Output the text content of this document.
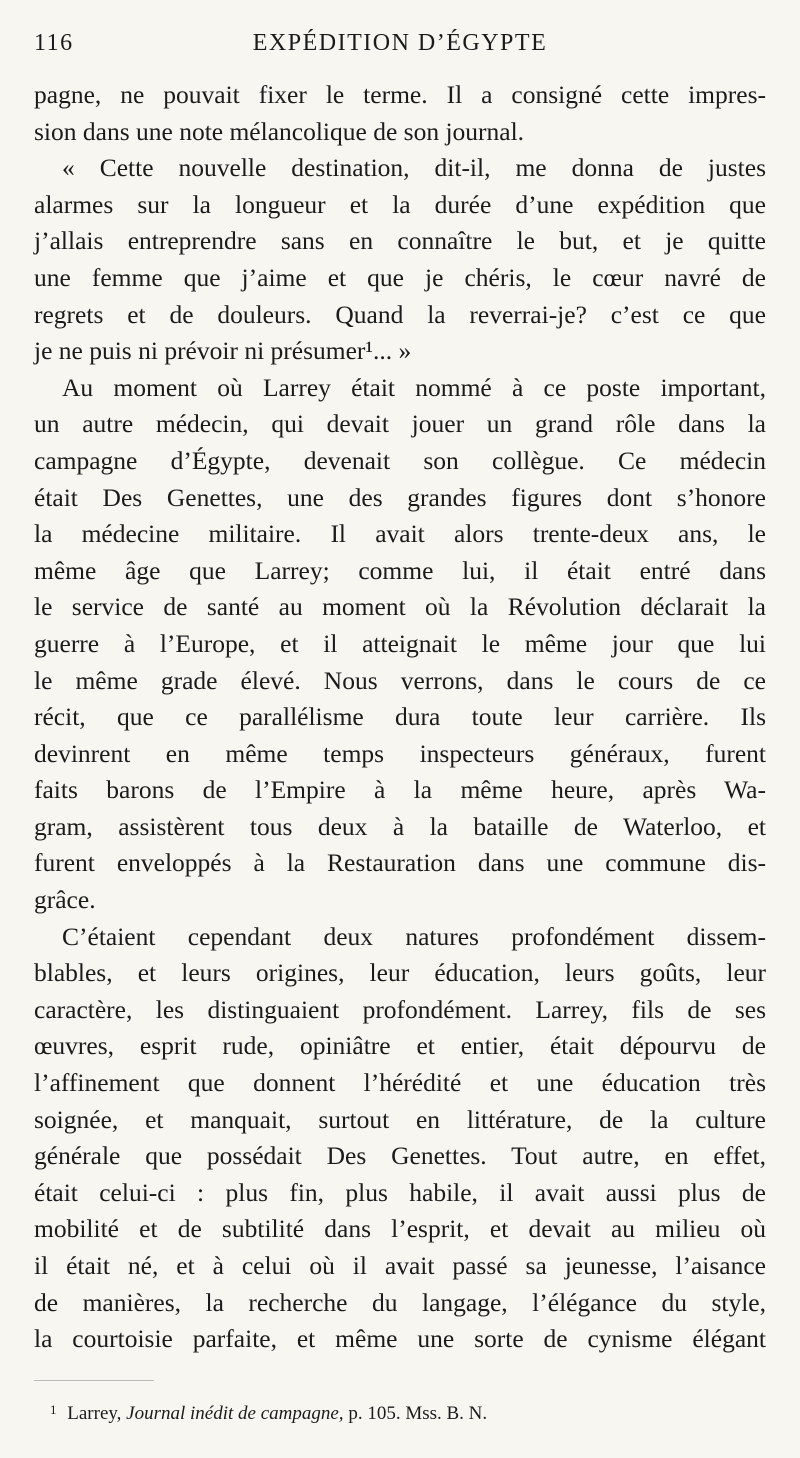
116	EXPÉDITION D’ÉGYPTE
pagne, ne pouvait fixer le terme. Il a consigné cette impres-
sion dans une note mélancolique de son journal.
« Cette nouvelle destination, dit-il, me donna de justes
alarmes sur la longueur et la durée d’une expédition que
j’allais entreprendre sans en connaître le but, et je quitte
une femme que j’aime et que je chéris, le cœur navré de
regrets et de douleurs. Quand la reverrai-je? c’est ce que
je ne puis ni prévoir ni présumer¹... »
Au moment où Larrey était nommé à ce poste important,
un autre médecin, qui devait jouer un grand rôle dans la
campagne d’Égypte, devenait son collègue. Ce médecin
était Des Genettes, une des grandes figures dont s’honore
la médecine militaire. Il avait alors trente-deux ans, le
même âge que Larrey; comme lui, il était entré dans
le service de santé au moment où la Révolution déclarait la
guerre à l’Europe, et il atteignait le même jour que lui
le même grade élevé. Nous verrons, dans le cours de ce
récit, que ce parallélisme dura toute leur carrière. Ils
devinrent en même temps inspecteurs généraux, furent
faits barons de l’Empire à la même heure, après Wa-
gram, assistèrent tous deux à la bataille de Waterloo, et
furent enveloppés à la Restauration dans une commune dis-
grâce.
C’étaient cependant deux natures profondément dissem-
blables, et leurs origines, leur éducation, leurs goûts, leur
caractère, les distinguaient profondément. Larrey, fils de ses
œuvres, esprit rude, opiniâtre et entier, était dépourvu de
l’affinement que donnent l’hérédité et une éducation très
soignée, et manquait, surtout en littérature, de la culture
générale que possédait Des Genettes. Tout autre, en effet,
était celui-ci : plus fin, plus habile, il avait aussi plus de
mobilité et de subtilité dans l’esprit, et devait au milieu où
il était né, et à celui où il avait passé sa jeunesse, l’aisance
de manières, la recherche du langage, l’élégance du style,
la courtoisie parfaite, et même une sorte de cynisme élégant
$^1$ Larrey, Journal inédit de campagne, p. 105. Mss. B. N.
